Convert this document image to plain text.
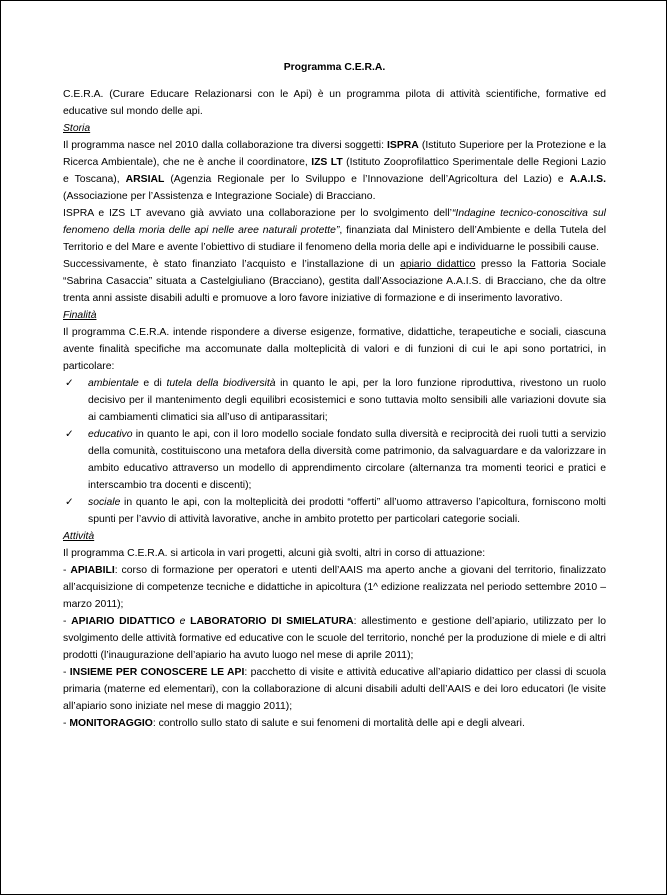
Programma C.E.R.A.

C.E.R.A. (Curare Educare Relazionarsi con le Api) è un programma pilota di attività scientifiche, formative ed educative sul mondo delle api.

Storia

Il programma nasce nel 2010 dalla collaborazione tra diversi soggetti: ISPRA (Istituto Superiore per la Protezione e la Ricerca Ambientale), che ne è anche il coordinatore, IZS LT (Istituto Zooprofilattico Sperimentale delle Regioni Lazio e Toscana), ARSIAL (Agenzia Regionale per lo Sviluppo e l’Innovazione dell’Agricoltura del Lazio) e A.A.I.S. (Associazione per l’Assistenza e Integrazione Sociale) di Bracciano.

ISPRA e IZS LT avevano già avviato una collaborazione per lo svolgimento dell’“Indagine tecnico-conoscitiva sul fenomeno della moria delle api nelle aree naturali protette”, finanziata dal Ministero dell’Ambiente e della Tutela del Territorio e del Mare e avente l’obiettivo di studiare il fenomeno della moria delle api e individuarne le possibili cause.

Successivamente, è stato finanziato l’acquisto e l’installazione di un apiario didattico presso la Fattoria Sociale “Sabrina Casaccia” situata a Castelgiuliano (Bracciano), gestita dall’Associazione A.A.I.S. di Bracciano, che da oltre trenta anni assiste disabili adulti e promuove a loro favore iniziative di formazione e di inserimento lavorativo.

Finalità

Il programma C.E.R.A. intende rispondere a diverse esigenze, formative, didattiche, terapeutiche e sociali, ciascuna avente finalità specifiche ma accomunate dalla molteplicità di valori e di funzioni di cui le api sono portatrici, in particolare:

✓ ambientale e di tutela della biodiversità in quanto le api, per la loro funzione riproduttiva, rivestono un ruolo decisivo per il mantenimento degli equilibri ecosistemici e sono tuttavia molto sensibili alle variazioni dovute sia ai cambiamenti climatici sia all’uso di antiparassitari;
✓ educativo in quanto le api, con il loro modello sociale fondato sulla diversità e reciprocità dei ruoli tutti a servizio della comunità, costituiscono una metafora della diversità come patrimonio, da salvaguardare e da valorizzare in ambito educativo attraverso un modello di apprendimento circolare (alternanza tra momenti teorici e pratici e interscambio tra docenti e discenti);
✓ sociale in quanto le api, con la molteplicità dei prodotti “offerti” all’uomo attraverso l’apicoltura, forniscono molti spunti per l’avvio di attività lavorative, anche in ambito protetto per particolari categorie sociali.
Attività

Il programma C.E.R.A. si articola in vari progetti, alcuni già svolti, altri in corso di attuazione:

- APIABILI: corso di formazione per operatori e utenti dell’AAIS ma aperto anche a giovani del territorio, finalizzato all’acquisizione di competenze tecniche e didattiche in apicoltura (1^ edizione realizzata nel periodo settembre 2010 – marzo 2011);

- APIARIO DIDATTICO e LABORATORIO DI SMIELATURA: allestimento e gestione dell’apiario, utilizzato per lo svolgimento delle attività formative ed educative con le scuole del territorio, nonché per la produzione di miele e di altri prodotti (l’inaugurazione dell’apiario ha avuto luogo nel mese di aprile 2011);

- INSIEME PER CONOSCERE LE API: pacchetto di visite e attività educative all’apiario didattico per classi di scuola primaria (materne ed elementari), con la collaborazione di alcuni disabili adulti dell’AAIS e dei loro educatori (le visite all’apiario sono iniziate nel mese di maggio 2011);

- MONITORAGGIO: controllo sullo stato di salute e sui fenomeni di mortalità delle api e degli alveari.
